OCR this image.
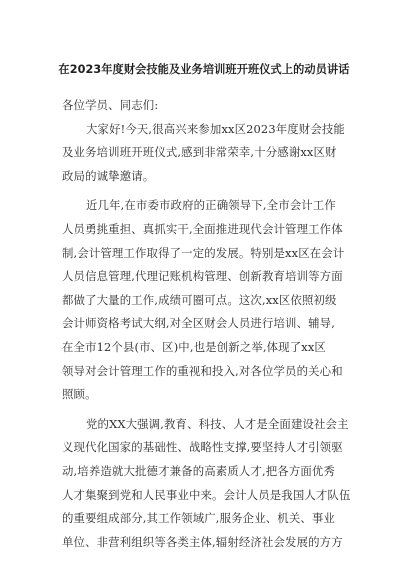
在2023年度财会技能及业务培训班开班仪式上的动员讲话
各位学员、同志们:
大家好!今天,很高兴来参加xx区2023年度财会技能
及业务培训班开班仪式,感到非常荣幸,十分感谢xx区财
政局的诚挚邀请。
近几年,在市委市政府的正确领导下,全市会计工作
人员勇挑重担、真抓实干,全面推进现代会计管理工作体
制,会计管理工作取得了一定的发展。特别是xx区在会计
人员信息管理,代理记账机构管理、创新教育培训等方面
都做了大量的工作,成绩可圈可点。这次,xx区依照初级
会计师资格考试大纲,对全区财会人员进行培训、辅导,
在全市12个县(市、区)中,也是创新之举,体现了xx区
领导对会计管理工作的重视和投入,对各位学员的关心和
照顾。
党的XX大强调,教育、科技、人才是全面建设社会主
义现代化国家的基础性、战略性支撑,要坚持人才引领驱
动,培养造就大批德才兼备的高素质人才,把各方面优秀
人才集聚到党和人民事业中来。会计人员是我国人才队伍
的重要组成部分,其工作领域广,服务企业、机关、事业
单位、非营利组织等各类主体,辐射经济社会发展的方方
